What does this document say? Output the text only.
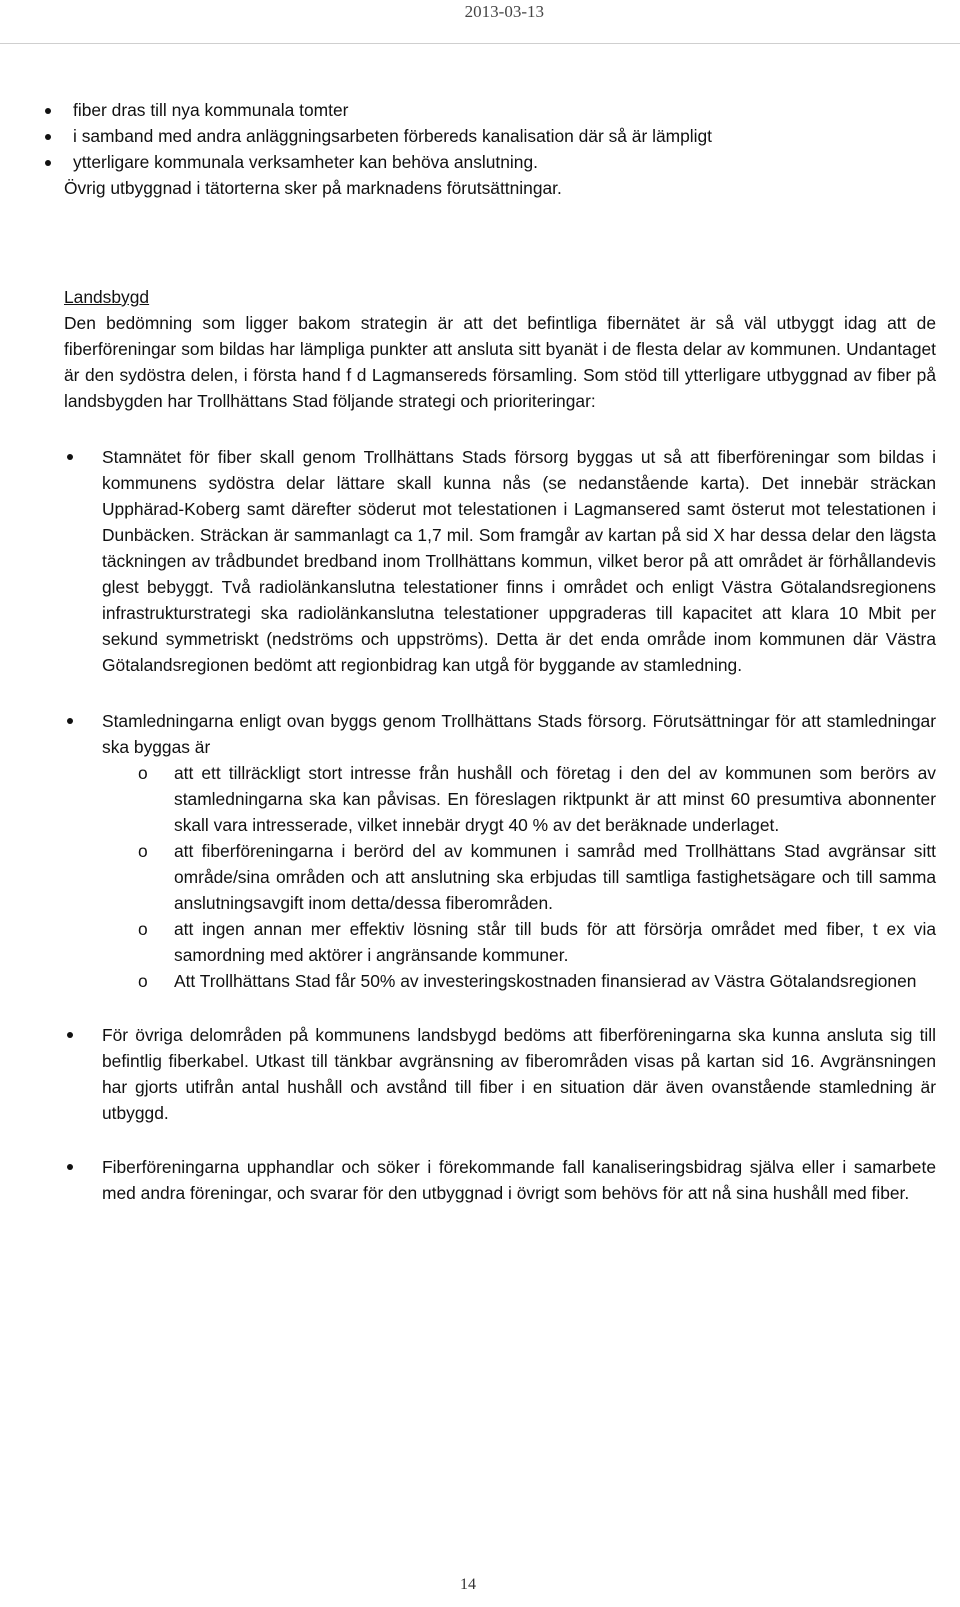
2013-03-13
fiber dras till nya kommunala tomter
i samband med andra anläggningsarbeten förbereds kanalisation där så är lämpligt
ytterligare kommunala verksamheter kan behöva anslutning.

Övrig utbyggnad i tätorterna sker på marknadens förutsättningar.

Landsbygd

Den bedömning som ligger bakom strategin är att det befintliga fibernätet är så väl utbyggt idag att de fiberföreningar som bildas har lämpliga punkter att ansluta sitt byanät i de flesta delar av kommunen. Undantaget är den sydöstra delen, i första hand f d Lagmansereds församling. Som stöd till ytterligare utbyggnad av fiber på landsbygden har Trollhättans Stad följande strategi och prioriteringar:

Stamnätet för fiber skall genom Trollhättans Stads försorg byggas ut så att fiberföreningar som bildas i kommunens sydöstra delar lättare skall kunna nås (se nedanstående karta). Det innebär sträckan Upphärad-Koberg samt därefter söderut mot telestationen i Lagmansered samt österut mot telestationen i Dunbäcken. Sträckan är sammanlagt ca 1,7 mil. Som framgår av kartan på sid X har dessa delar den lägsta täckningen av trådbundet bredband inom Trollhättans kommun, vilket beror på att området är förhållandevis glest bebyggt. Två radiolänkanslutna telestationer finns i området och enligt Västra Götalandsregionens infrastrukturstrategi ska radiolänkanslutna telestationer uppgraderas till kapacitet att klara 10 Mbit per sekund symmetriskt (nedströms och uppströms). Detta är det enda område inom kommunen där Västra Götalandsregionen bedömt att regionbidrag kan utgå för byggande av stamledning.
Stamledningarna enligt ovan byggs genom Trollhättans Stads försorg. Förutsättningar för att stamledningar ska byggas är
o att ett tillräckligt stort intresse från hushåll och företag i den del av kommunen som berörs av stamledningarna ska kan påvisas. En föreslagen riktpunkt är att minst 60 presumtiva abonnenter skall vara intresserade, vilket innebär drygt 40 % av det beräknade underlaget.
o att fiberföreningarna i berörd del av kommunen i samråd med Trollhättans Stad avgränsar sitt område/sina områden och att anslutning ska erbjudas till samtliga fastighetsägare och till samma anslutningsavgift inom detta/dessa fiberområden.
o att ingen annan mer effektiv lösning står till buds för att försörja området med fiber, t ex via samordning med aktörer i angränsande kommuner.
o Att Trollhättans Stad får 50% av investeringskostnaden finansierad av Västra Götalandsregionen
För övriga delområden på kommunens landsbygd bedöms att fiberföreningarna ska kunna ansluta sig till befintlig fiberkabel. Utkast till tänkbar avgränsning av fiberområden visas på kartan sid 16. Avgränsningen har gjorts utifrån antal hushåll och avstånd till fiber i en situation där även ovanstående stamledning är utbyggd.
Fiberföreningarna upphandlar och söker i förekommande fall kanaliseringsbidrag själva eller i samarbete med andra föreningar, och svarar för den utbyggnad i övrigt som behövs för att nå sina hushåll med fiber.
14
